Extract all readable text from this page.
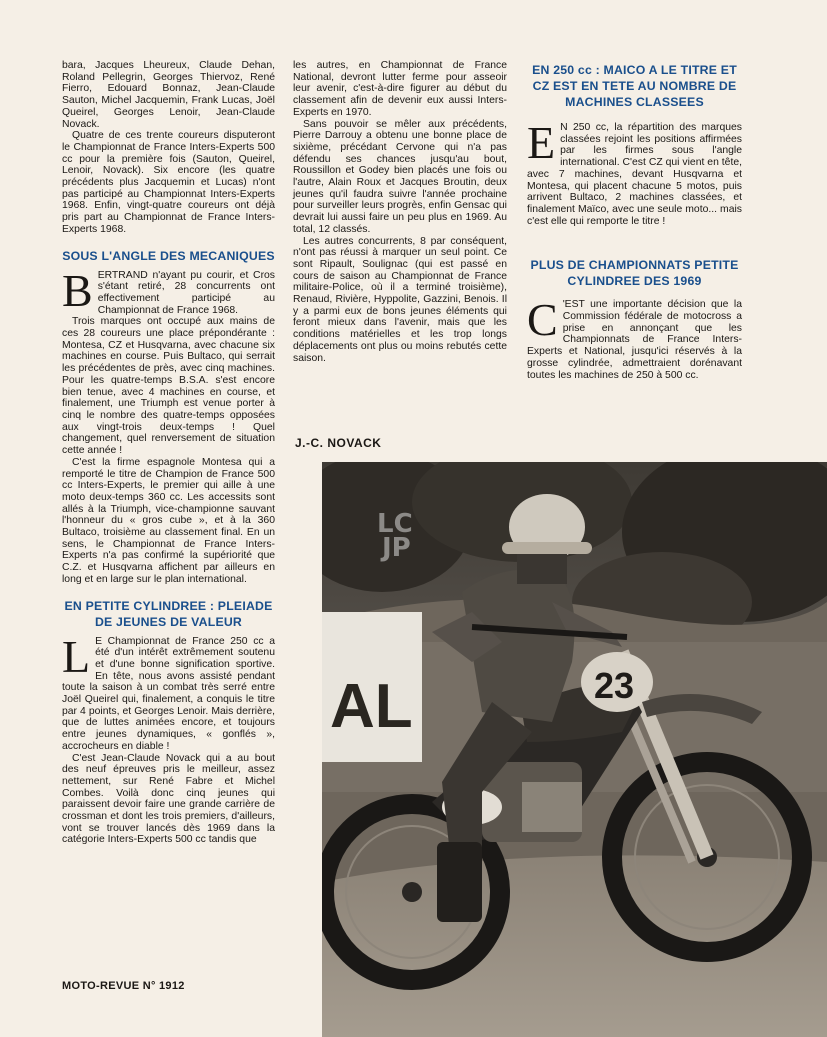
bara, Jacques Lheureux, Claude Dehan, Roland Pellegrin, Georges Thiervoz, René Fierro, Edouard Bonnaz, Jean-Claude Sauton, Michel Jacquemin, Frank Lucas, Joël Queirel, Georges Lenoir, Jean-Claude Novack.

Quatre de ces trente coureurs disputeront le Championnat de France Inters-Experts 500 cc pour la première fois (Sauton, Queirel, Lenoir, Novack). Six encore (les quatre précédents plus Jacquemin et Lucas) n'ont pas participé au Championnat Inters-Experts 1968. Enfin, vingt-quatre coureurs ont déjà pris part au Championnat de France Inters-Experts 1968.

SOUS L'ANGLE DES MECANIQUES

BERTRAND n'ayant pu courir, et Cros s'étant retiré, 28 concurrents ont effectivement participé au Championnat de France 1968.

Trois marques ont occupé aux mains de ces 28 coureurs une place prépondérante : Montesa, CZ et Husqvarna, avec chacune six machines en course. Puis Bultaco, qui serrait les précédentes de près, avec cinq machines. Pour les quatre-temps B.S.A. s'est encore bien tenue, avec 4 machines en course, et finalement, une Triumph est venue porter à cinq le nombre des quatre-temps opposées aux vingt-trois deux-temps ! Quel changement, quel renversement de situation cette année !

C'est la firme espagnole Montesa qui a remporté le titre de Champion de France 500 cc Inters-Experts, le premier qui aille à une moto deux-temps 360 cc. Les accessits sont allés à la Triumph, vice-championne sauvant l'honneur du « gros cube », et à la 360 Bultaco, troisième au classement final. En un sens, le Championnat de France Inters-Experts n'a pas confirmé la supériorité que C.Z. et Husqvarna affichent par ailleurs en long et en large sur le plan international.

EN PETITE CYLINDREE : PLEIADE DE JEUNES DE VALEUR

L E Championnat de France 250 cc a été d'un intérêt extrêmement soutenu et d'une bonne signification sportive. En tête, nous avons assisté pendant toute la saison à un combat très serré entre Joël Queirel qui, finalement, a conquis le titre par 4 points, et Georges Lenoir. Mais derrière, que de luttes animées encore, et toujours entre jeunes dynamiques, « gonflés », accrocheurs en diable !

C'est Jean-Claude Novack qui a au bout des neuf épreuves pris le meilleur, assez nettement, sur René Fabre et Michel Combes. Voilà donc cinq jeunes qui paraissent devoir faire une grande carrière de crossman et dont les trois premiers, d'ailleurs, vont se trouver lancés dès 1969 dans la catégorie Inters-Experts 500 cc tandis que

les autres, en Championnat de France National, devront lutter ferme pour asseoir leur avenir, c'est-à-dire figurer au début du classement afin de devenir eux aussi Inters-Experts en 1970.

Sans pouvoir se mêler aux précédents, Pierre Darrouy a obtenu une bonne place de sixième, précédant Cervone qui n'a pas défendu ses chances jusqu'au bout, Roussillon et Godey bien placés une fois ou l'autre, Alain Roux et Jacques Broutin, deux jeunes qu'il faudra suivre l'année prochaine pour surveiller leurs progrès, enfin Gensac qui devrait lui aussi faire un peu plus en 1969. Au total, 12 classés.

Les autres concurrents, 8 par conséquent, n'ont pas réussi à marquer un seul point. Ce sont Ripault, Soulignac (qui est passé en cours de saison au Championnat de France militaire-Police, où il a terminé troisième), Renaud, Rivière, Hyppolite, Gazzini, Benois. Il y a parmi eux de bons jeunes éléments qui feront mieux dans l'avenir, mais que les conditions matérielles et les trop longs déplacements ont plus ou moins rebutés cette saison.

J.-C. NOVACK
EN 250 cc : MAICO A LE TITRE ET CZ EST EN TETE AU NOMBRE DE MACHINES CLASSEES

E N 250 cc, la répartition des marques classées rejoint les positions affirmées par les firmes sous l'angle international. C'est CZ qui vient en tête, avec 7 machines, devant Husqvarna et Montesa, qui placent chacune 5 motos, puis arrivent Bultaco, 2 machines classées, et finalement Maïco, avec une seule moto... mais c'est elle qui remporte le titre !

PLUS DE CHAMPIONNATS PETITE CYLINDREE DES 1969

C 'EST une importante décision que la Commission fédérale de motocross a prise en annonçant que les Championnats de France Inters-Experts et National, jusqu'ici réservés à la grosse cylindrée, admettraient dorénavant toutes les machines de 250 à 500 cc.

AL	23
LC
JP
MOTO-REVUE N° 1912
